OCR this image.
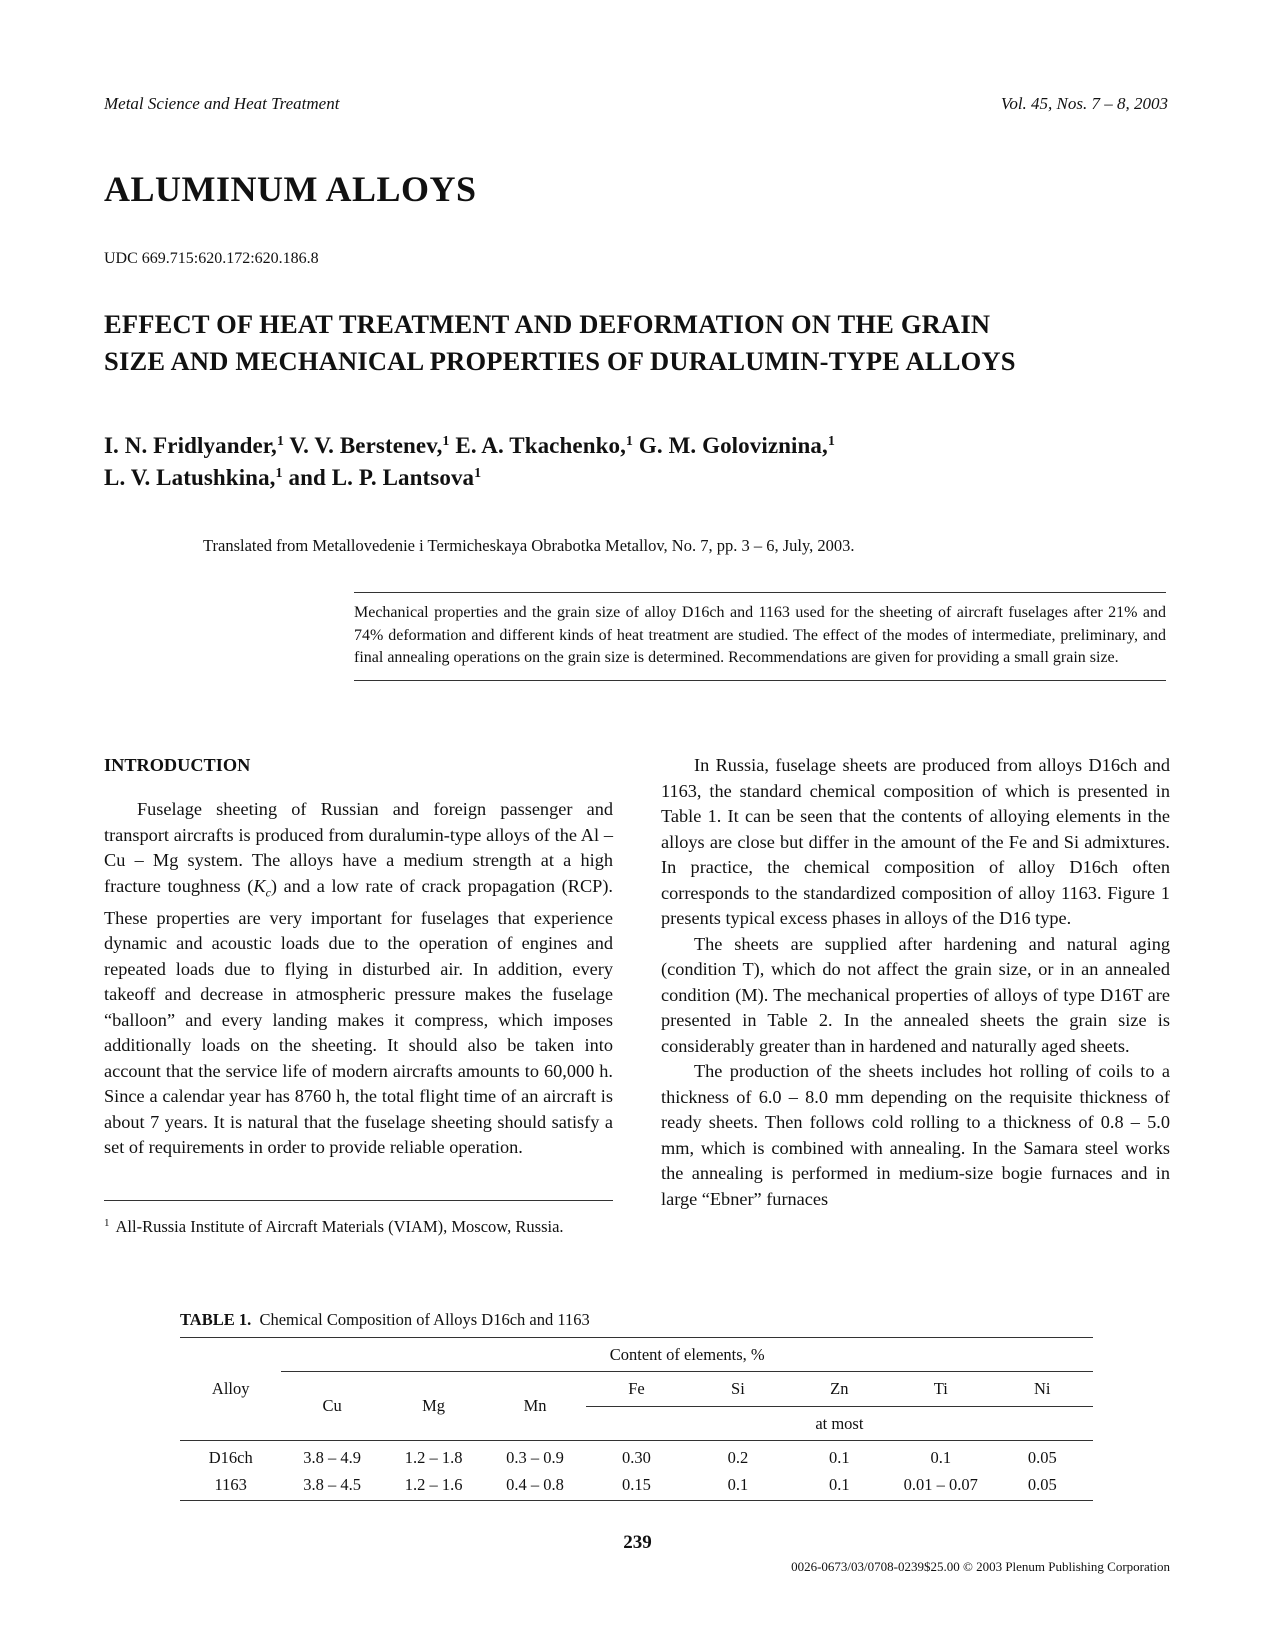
Metal Science and Heat Treatment	Vol. 45, Nos. 7 – 8, 2003
ALUMINUM ALLOYS
UDC 669.715:620.172:620.186.8
EFFECT OF HEAT TREATMENT AND DEFORMATION ON THE GRAIN
SIZE AND MECHANICAL PROPERTIES OF DURALUMIN-TYPE ALLOYS
I. N. Fridlyander,$^1$ V. V. Berstenev,$^1$ E. A. Tkachenko,$^1$ G. M. Goloviznina,$^1$
L. V. Latushkina,$^1$ and L. P. Lantsova$^1$
Translated from Metallovedenie i Termicheskaya Obrabotka Metallov, No. 7, pp. 3 – 6, July, 2003.
Mechanical properties and the grain size of alloy D16ch and 1163 used for the sheeting of aircraft fuselages after 21% and 74% deformation and different kinds of heat treatment are studied. The effect of the modes of intermediate, preliminary, and final annealing operations on the grain size is determined. Recommendations are given for providing a small grain size.
INTRODUCTION

Fuselage sheeting of Russian and foreign passenger and transport aircrafts is produced from duralumin-type alloys of the Al – Cu – Mg system. The alloys have a medium strength at a high fracture toughness $(K_c)$ and a low rate of crack propagation (RCP). These properties are very important for fuselages that experience dynamic and acoustic loads due to the operation of engines and repeated loads due to flying in disturbed air. In addition, every takeoff and decrease in atmospheric pressure makes the fuselage “balloon” and every landing makes it compress, which imposes additionally loads on the sheeting. It should also be taken into account that the service life of modern aircrafts amounts to 60,000 h. Since a calendar year has 8760 h, the total flight time of an aircraft is about 7 years. It is natural that the fuselage sheeting should satisfy a set of requirements in order to provide reliable operation.

$^1$ All-Russia Institute of Aircraft Materials (VIAM), Moscow, Russia.

In Russia, fuselage sheets are produced from alloys D16ch and 1163, the standard chemical composition of which is presented in Table 1. It can be seen that the contents of alloying elements in the alloys are close but differ in the amount of the Fe and Si admixtures. In practice, the chemical composition of alloy D16ch often corresponds to the standardized composition of alloy 1163. Figure 1 presents typical excess phases in alloys of the D16 type.

The sheets are supplied after hardening and natural aging (condition T), which do not affect the grain size, or in an annealed condition (M). The mechanical properties of alloys of type D16T are presented in Table 2. In the annealed sheets the grain size is considerably greater than in hardened and naturally aged sheets.

The production of the sheets includes hot rolling of coils to a thickness of 6.0 – 8.0 mm depending on the requisite thickness of ready sheets. Then follows cold rolling to a thickness of 0.8 – 5.0 mm, which is combined with annealing. In the Samara steel works the annealing is performed in medium-size bogie furnaces and in large “Ebner” furnaces

TABLE 1. Chemical Composition of Alloys D16ch and 1163
Alloy	Content of elements, %							
	Cu	Mg	Mn	Fe	Si	Zn	Ti	Ni
				at most				
D16ch	3.8 – 4.9	1.2 – 1.8	0.3 – 0.9	0.30	0.2	0.1	0.1	0.05
1163	3.8 – 4.5	1.2 – 1.6	0.4 – 0.8	0.15	0.1	0.1	0.01 – 0.07	0.05
239
0026-0673/03/0708-0239$25.00 © 2003 Plenum Publishing Corporation
